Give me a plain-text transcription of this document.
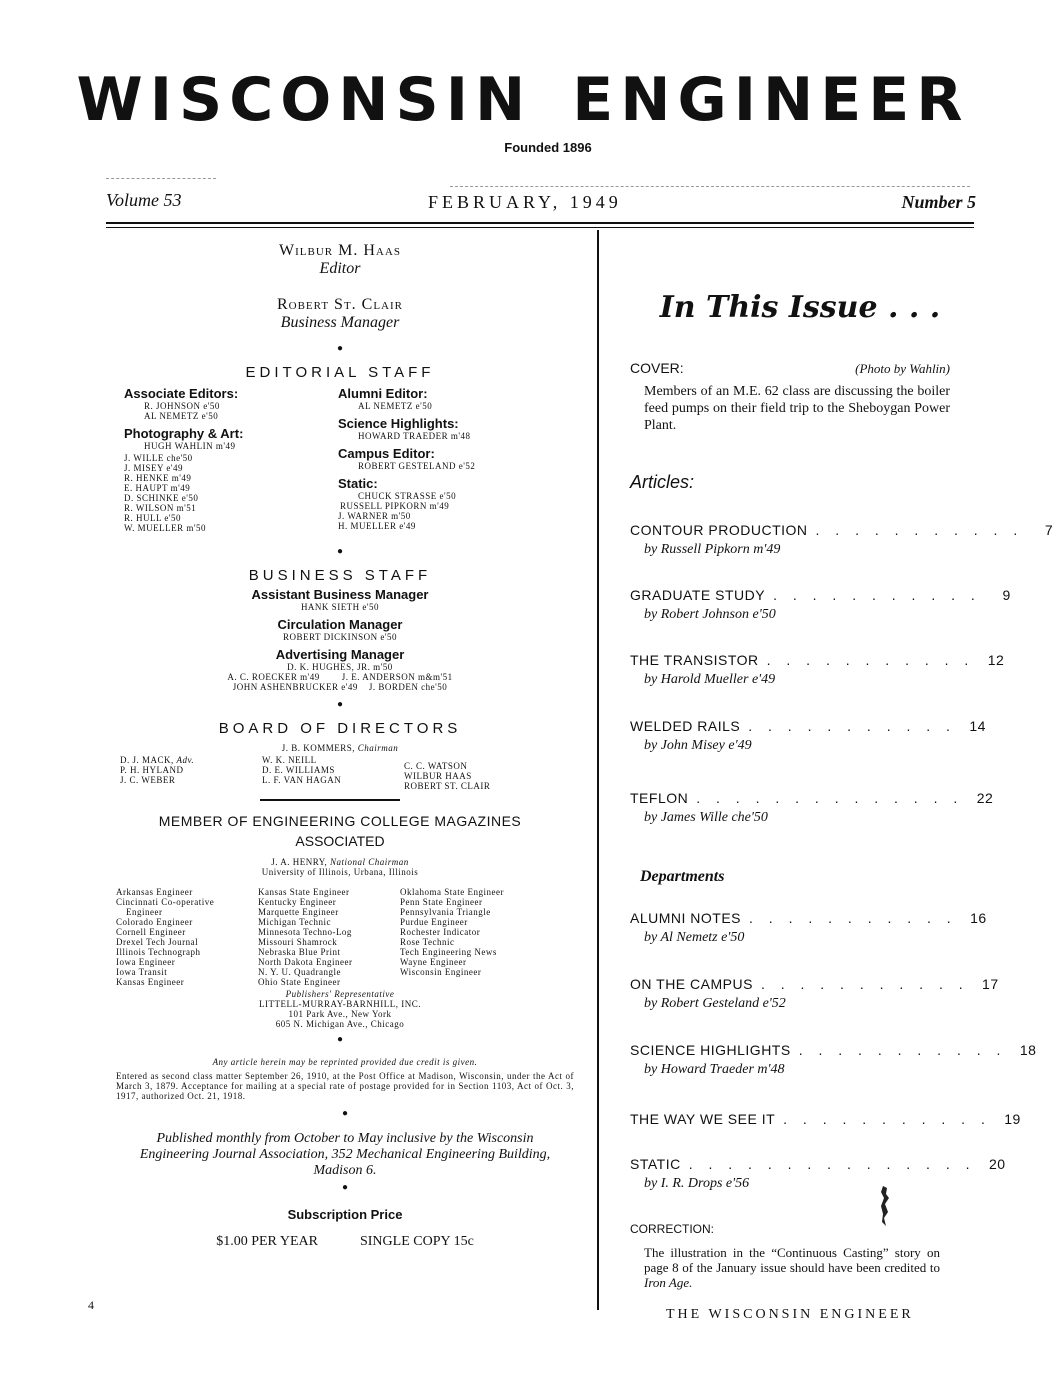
WISCONSIN ENGINEER
Founded 1896
Volume 53	FEBRUARY, 1949	Number 5
Wilbur M. Haas
Editor
Robert St. Clair
Business Manager
●
EDITORIAL STAFF
Associate Editors:
R. JOHNSON e'50
AL NEMETZ e'50
Photography & Art:
HUGH WAHLIN m'49
J. WILLE che'50
J. MISEY e'49
R. HENKE m'49
E. HAUPT m'49
D. SCHINKE e'50
R. WILSON m'51
R. HULL e'50
W. MUELLER m'50
Alumni Editor:
AL NEMETZ e'50
Science Highlights:
HOWARD TRAEDER m'48
Campus Editor:
ROBERT GESTELAND e'52
Static:
CHUCK STRASSE e'50
RUSSELL PIPKORN m'49
J. WARNER m'50
H. MUELLER e'49
●
BUSINESS STAFF
Assistant Business Manager
HANK SIETH e'50
Circulation Manager
ROBERT DICKINSON e'50
Advertising Manager
D. K. HUGHES, JR. m'50
A. C. ROECKER m'49 J. E. ANDERSON m&m'51
JOHN ASHENBRUCKER e'49 J. BORDEN che'50
●
BOARD OF DIRECTORS
J. B. KOMMERS, Chairman
D. J. MACK, Adv.
P. H. HYLAND
J. C. WEBER
W. K. NEILL
D. E. WILLIAMS
L. F. VAN HAGAN
C. C. WATSON
WILBUR HAAS
ROBERT ST. CLAIR
MEMBER OF ENGINEERING COLLEGE MAGAZINES
ASSOCIATED
J. A. HENRY, National Chairman
University of Illinois, Urbana, Illinois
Arkansas Engineer
Cincinnati Co-operative
Engineer
Colorado Engineer
Cornell Engineer
Drexel Tech Journal
Illinois Technograph
Iowa Engineer
Iowa Transit
Kansas Engineer
Kansas State Engineer
Kentucky Engineer
Marquette Engineer
Michigan Technic
Minnesota Techno-Log
Missouri Shamrock
Nebraska Blue Print
North Dakota Engineer
N. Y. U. Quadrangle
Ohio State Engineer
Oklahoma State Engineer
Penn State Engineer
Pennsylvania Triangle
Purdue Engineer
Rochester Indicator
Rose Technic
Tech Engineering News
Wayne Engineer
Wisconsin Engineer
Publishers' Representative
LITTELL-MURRAY-BARNHILL, INC.
101 Park Ave., New York
605 N. Michigan Ave., Chicago
●
Any article herein may be reprinted provided due credit is given.
Entered as second class matter September 26, 1910, at the Post Office at Madison, Wisconsin, under the Act of March 3, 1879. Acceptance for mailing at a special rate of postage provided for in Section 1103, Act of Oct. 3, 1917, authorized Oct. 21, 1918.
●
Published monthly from October to May inclusive by the Wisconsin Engineering Journal Association, 352 Mechanical Engineering Building, Madison 6.
●
Subscription Price
$1.00 PER YEAR	SINGLE COPY 15c
In This Issue . . .
COVER:	(Photo by Wahlin)
Members of an M.E. 62 class are discussing the boiler feed pumps on their field trip to the Sheboygan Power Plant.
Articles:
CONTOUR PRODUCTION . . . . . . . . . . .	7
by Russell Pipkorn m'49
GRADUATE STUDY . . . . . . . . . . .	9
by Robert Johnson e'50
THE TRANSISTOR . . . . . . . . . . . 12
by Harold Mueller e'49
WELDED RAILS . . . . . . . . . . . 14
by John Misey e'49
TEFLON . . . . . . . . . . . . . . 22
by James Wille che'50
Departments
ALUMNI NOTES . . . . . . . . . . . 16
by Al Nemetz e'50
ON THE CAMPUS . . . . . . . . . . . 17
by Robert Gesteland e'52
SCIENCE HIGHLIGHTS . . . . . . . . . . . 18
by Howard Traeder m'48
THE WAY WE SEE IT . . . . . . . . . . . 19
STATIC . . . . . . . . . . . . . . . 20
by I. R. Drops e'56
CORRECTION:
The illustration in the “Continuous Casting” story on page 8 of the January issue should have been credited to Iron Age.
4
THE WISCONSIN ENGINEER
